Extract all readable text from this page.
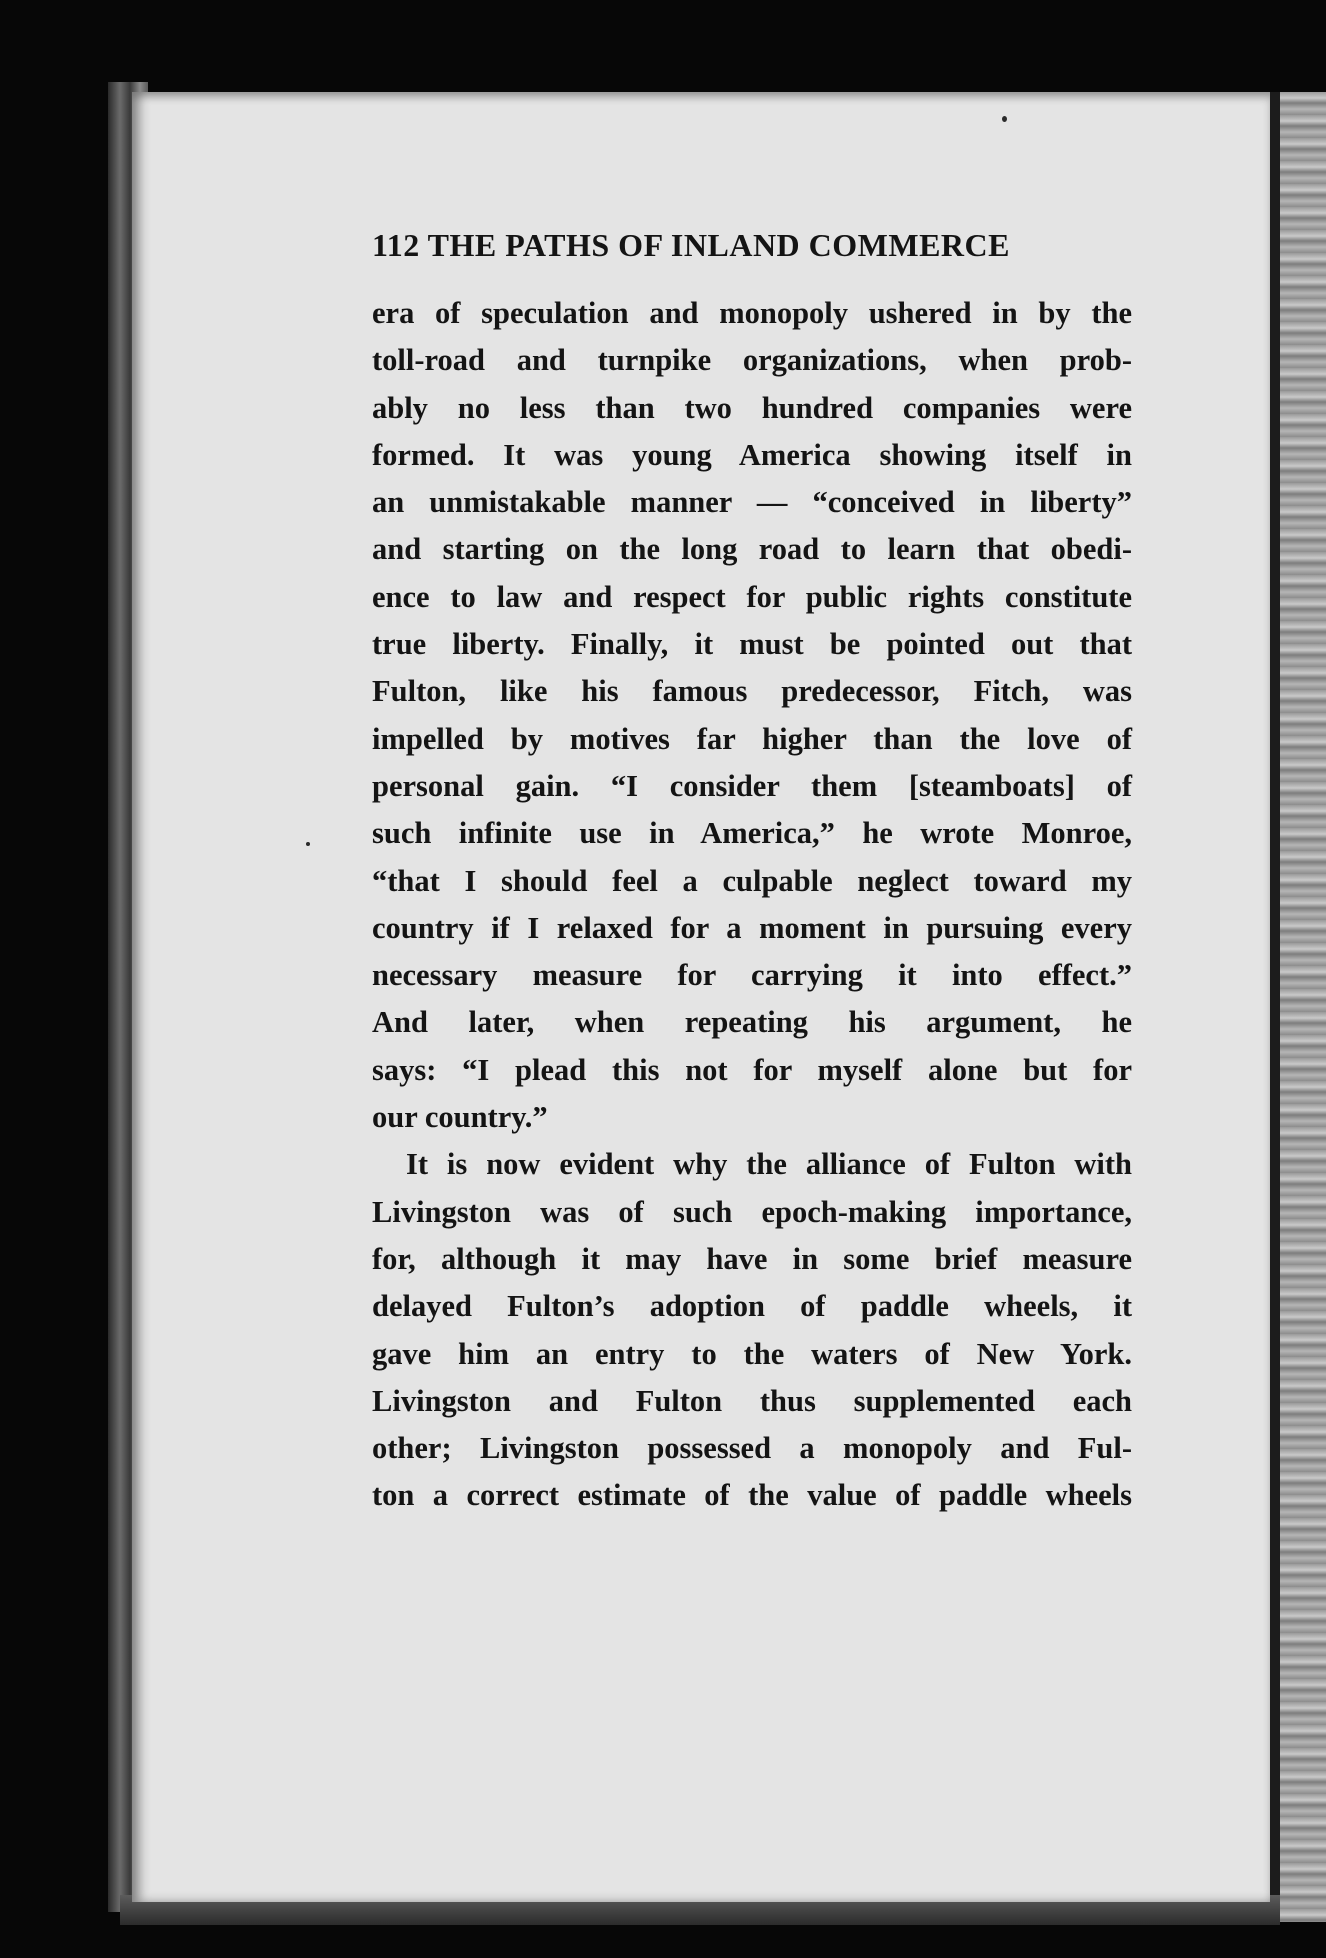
112 THE PATHS OF INLAND COMMERCE
era of speculation and monopoly ushered in by the
toll-road and turnpike organizations, when prob-
ably no less than two hundred companies were
formed. It was young America showing itself in
an unmistakable manner — “conceived in liberty”
and starting on the long road to learn that obedi-
ence to law and respect for public rights constitute
true liberty. Finally, it must be pointed out that
Fulton, like his famous predecessor, Fitch, was
impelled by motives far higher than the love of
personal gain. “I consider them [steamboats] of
such infinite use in America,” he wrote Monroe,
“that I should feel a culpable neglect toward my
country if I relaxed for a moment in pursuing every
necessary measure for carrying it into effect.”
And later, when repeating his argument, he
says: “I plead this not for myself alone but for
our country.”
It is now evident why the alliance of Fulton with
Livingston was of such epoch-making importance,
for, although it may have in some brief measure
delayed Fulton’s adoption of paddle wheels, it
gave him an entry to the waters of New York.
Livingston and Fulton thus supplemented each
other; Livingston possessed a monopoly and Ful-
ton a correct estimate of the value of paddle wheels
